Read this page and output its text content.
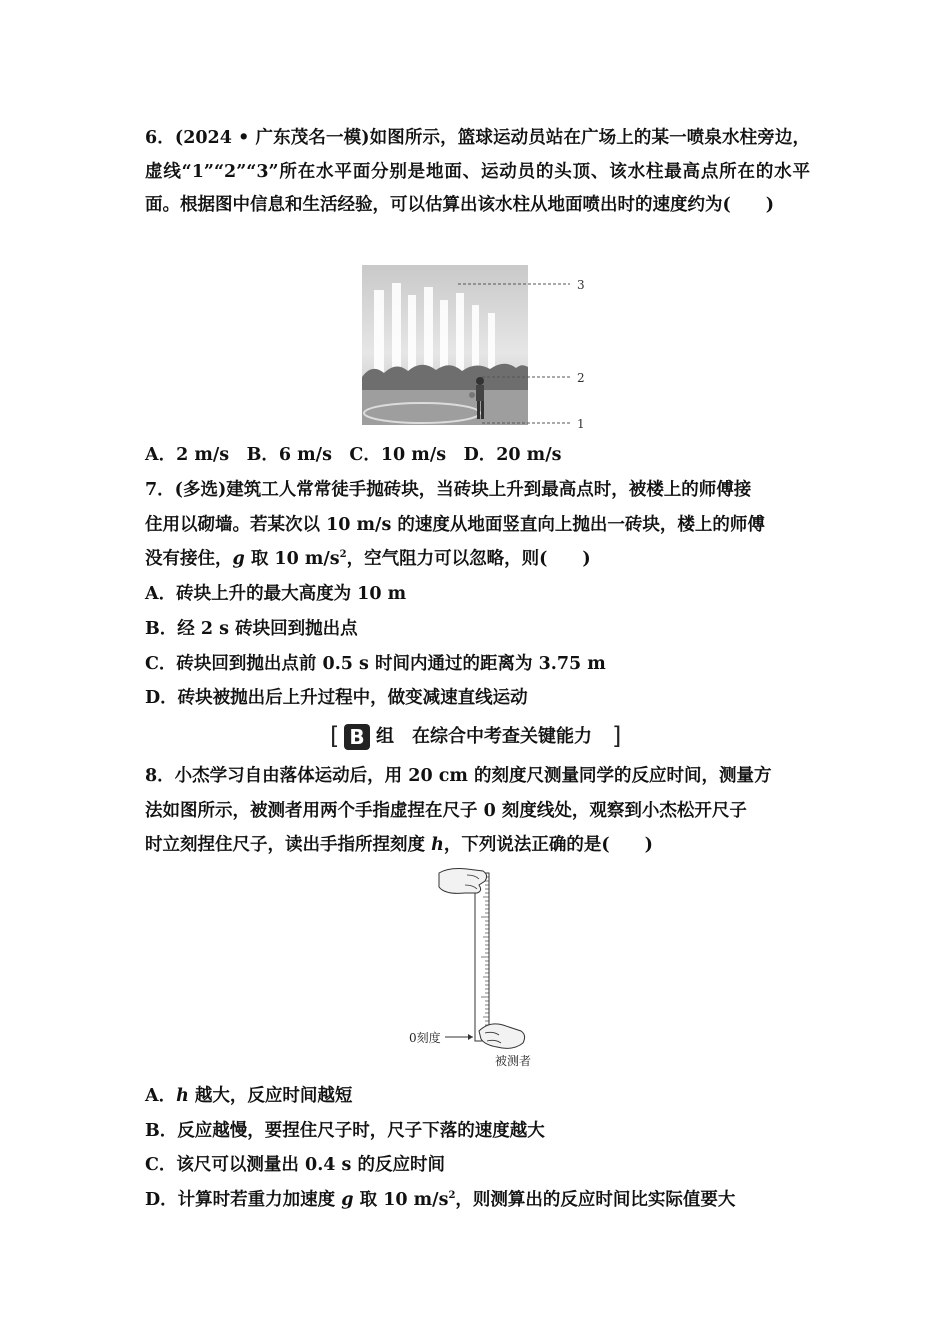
6．(2024 • 广东茂名一模)如图所示，篮球运动员站在广场上的某一喷泉水柱旁边，虚线“1”“2”“3”所在水平面分别是地面、运动员的头顶、该水柱最高点所在的水平面。根据图中信息和生活经验，可以估算出该水柱从地面喷出时的速度约为(　　)
3
2
1
A．2 m/s　B．6 m/s　C．10 m/s　D．20 m/s
7．(多选)建筑工人常常徒手抛砖块，当砖块上升到最高点时，被楼上的师傅接
住用以砌墙。若某次以 10 m/s 的速度从地面竖直向上抛出一砖块，楼上的师傅
没有接住，g 取 10 $m/s^2$，空气阻力可以忽略，则(　　)
A．砖块上升的最大高度为 10 m
B．经 2 s 砖块回到抛出点
C．砖块回到抛出点前 0.5 s 时间内通过的距离为 3.75 m
D．砖块被抛出后上升过程中，做变减速直线运动
[ B 组　在综合中考查关键能力 ]
8．小杰学习自由落体运动后，用 20 cm 的刻度尺测量同学的反应时间，测量方
法如图所示，被测者用两个手指虚捏在尺子 0 刻度线处，观察到小杰松开尺子
时立刻捏住尺子，读出手指所捏刻度 h，下列说法正确的是(　　)
0刻度
被测者
A．h 越大，反应时间越短
B．反应越慢，要捏住尺子时，尺子下落的速度越大
C．该尺可以测量出 0.4 s 的反应时间
D．计算时若重力加速度 g 取 10 $m/s^2$，则测算出的反应时间比实际值要大
